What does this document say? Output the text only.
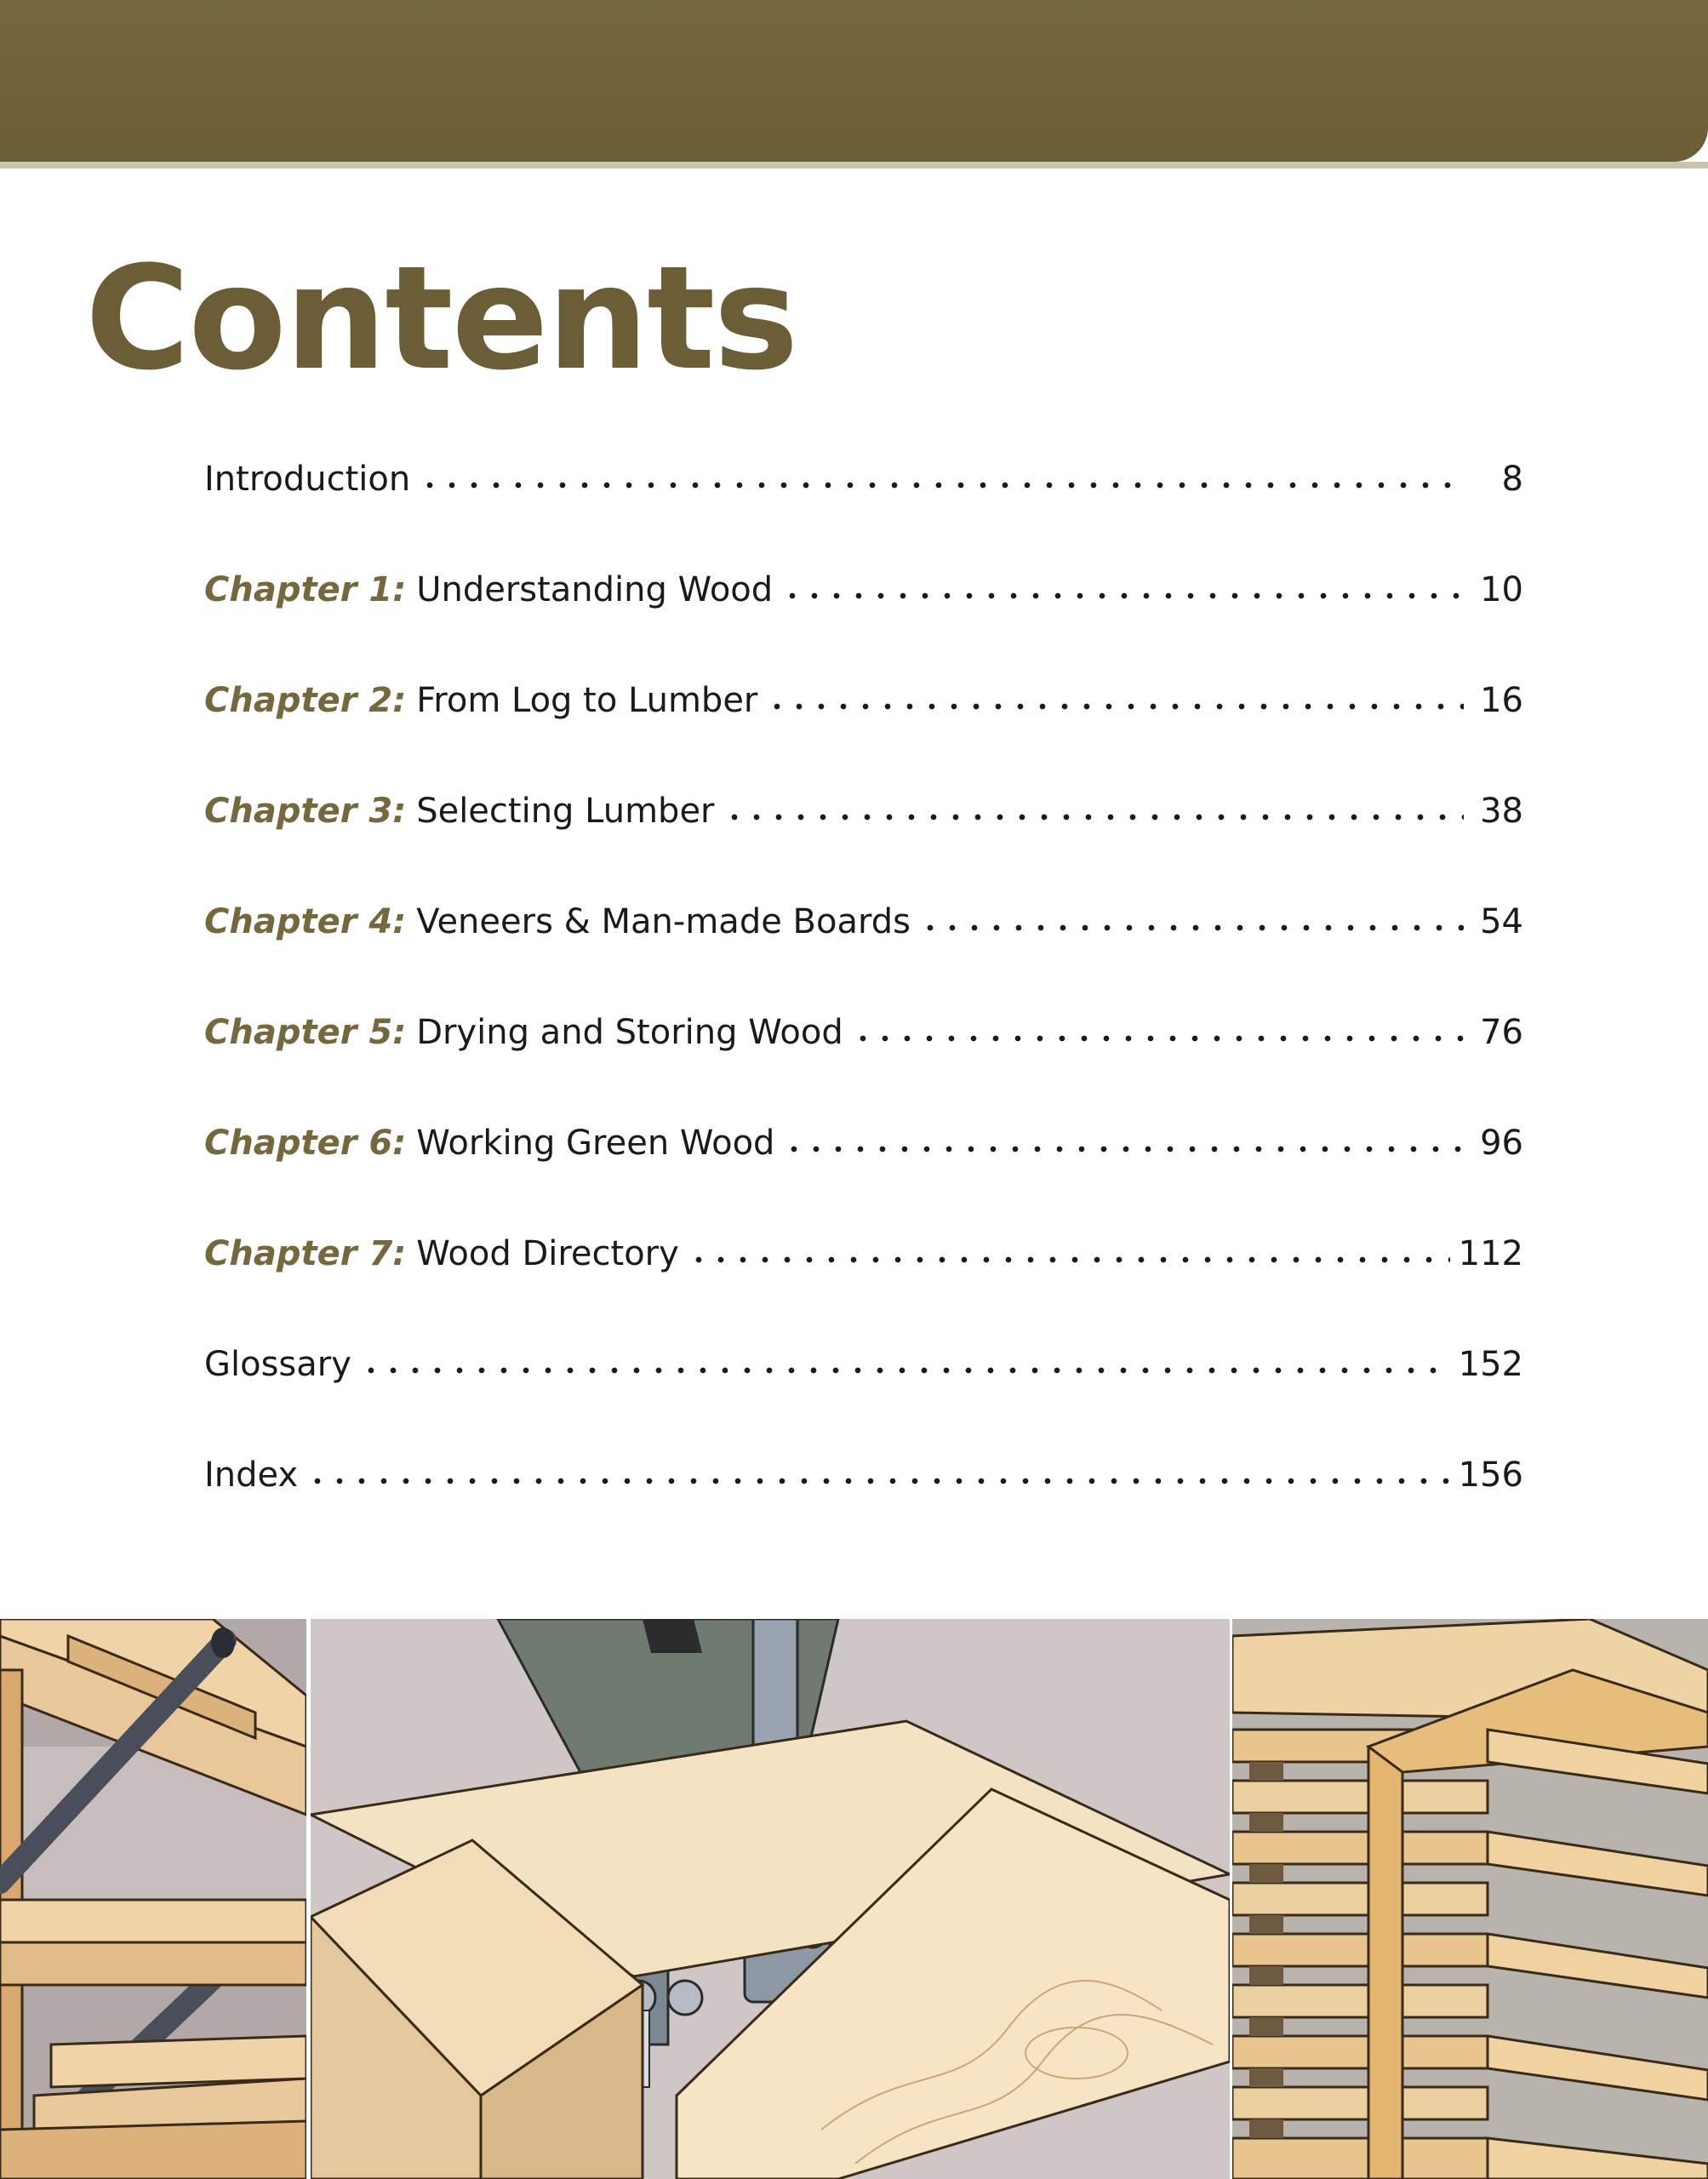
Contents
Introduction	8
Chapter 1: Understanding Wood	10
Chapter 2: From Log to Lumber	16
Chapter 3: Selecting Lumber	38
Chapter 4: Veneers & Man-made Boards	54
Chapter 5: Drying and Storing Wood	76
Chapter 6: Working Green Wood	96
Chapter 7: Wood Directory	112
Glossary	152
Index	156
